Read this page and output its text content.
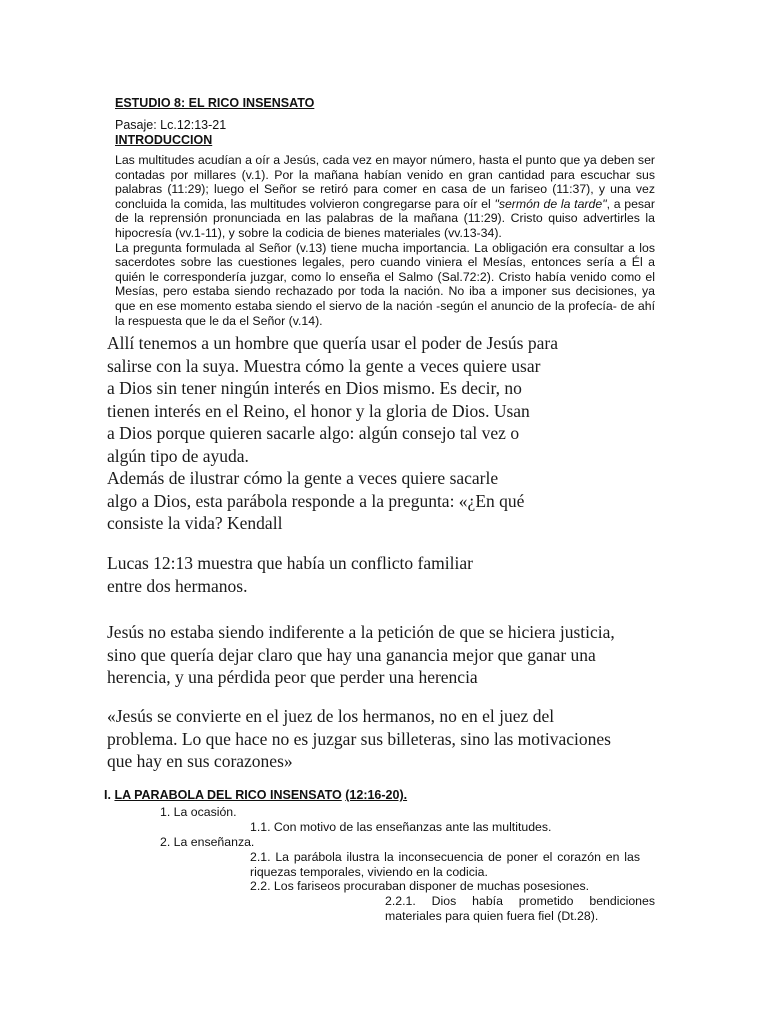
ESTUDIO 8: EL RICO INSENSATO
Pasaje: Lc.12:13-21
INTRODUCCION

Las multitudes acudían a oír a Jesús, cada vez en mayor número, hasta el punto que ya deben ser contadas por millares (v.1). Por la mañana habían venido en gran cantidad para escuchar sus palabras (11:29); luego el Señor se retiró para comer en casa de un fariseo (11:37), y una vez concluida la comida, las multitudes volvieron congregarse para oír el "sermón de la tarde", a pesar de la reprensión pronunciada en las palabras de la mañana (11:29). Cristo quiso advertirles la hipocresía (vv.1-11), y sobre la codicia de bienes materiales (vv.13-34).

La pregunta formulada al Señor (v.13) tiene mucha importancia. La obligación era consultar a los sacerdotes sobre las cuestiones legales, pero cuando viniera el Mesías, entonces sería a Él a quién le correspondería juzgar, como lo enseña el Salmo (Sal.72:2). Cristo había venido como el Mesías, pero estaba siendo rechazado por toda la nación. No iba a imponer sus decisiones, ya que en ese momento estaba siendo el siervo de la nación -según el anuncio de la profecía- de ahí la respuesta que le da el Señor (v.14).

Allí tenemos a un hombre que quería usar el poder de Jesús para
salirse con la suya. Muestra cómo la gente a veces quiere usar
a Dios sin tener ningún interés en Dios mismo. Es decir, no
tienen interés en el Reino, el honor y la gloria de Dios. Usan
a Dios porque quieren sacarle algo: algún consejo tal vez o
algún tipo de ayuda.
Además de ilustrar cómo la gente a veces quiere sacarle
algo a Dios, esta parábola responde a la pregunta: «¿En qué
consiste la vida? Kendall
Lucas 12:13 muestra que había un conflicto familiar
entre dos hermanos.
Jesús no estaba siendo indiferente a la petición de que se hiciera justicia,
sino que quería dejar claro que hay una ganancia mejor que ganar una
herencia, y una pérdida peor que perder una herencia
«Jesús se convierte en el juez de los hermanos, no en el juez del
problema. Lo que hace no es juzgar sus billeteras, sino las motivaciones
que hay en sus corazones»
I. LA PARABOLA DEL RICO INSENSATO (12:16-20).
1. La ocasión.
1.1. Con motivo de las enseñanzas ante las multitudes.
2. La enseñanza.
2.1. La parábola ilustra la inconsecuencia de poner el corazón en las riquezas temporales, viviendo en la codicia.
2.2. Los fariseos procuraban disponer de muchas posesiones.
2.2.1. Dios había prometido bendiciones materiales para quien fuera fiel (Dt.28).
